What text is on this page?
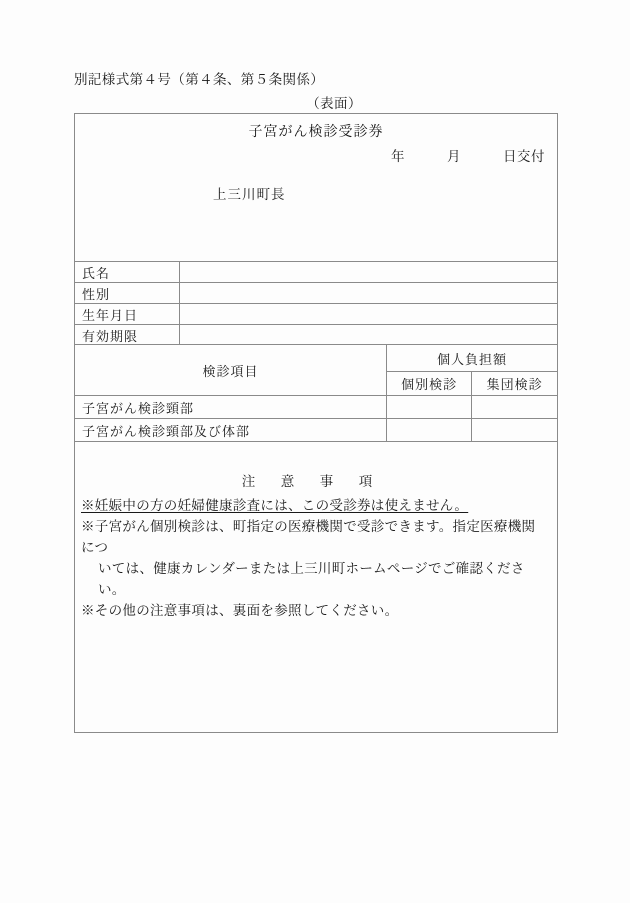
別記様式第４号（第４条、第５条関係）
（表面）
子宮がん検診受診券
年　　　月　　　日交付
上三川町長
氏名	
性別	
生年月日	
有効期限	
検診項目	個人負担額	
	個別検診	集団検診
子宮がん検診頸部		
子宮がん検診頸部及び体部		
注　意　事　項

※妊娠中の方の妊婦健康診査には、この受診券は使えません。

※子宮がん個別検診は、町指定の医療機関で受診できます。指定医療機関につ
いては、健康カレンダーまたは上三川町ホームページでご確認ください。

※その他の注意事項は、裏面を参照してください。
